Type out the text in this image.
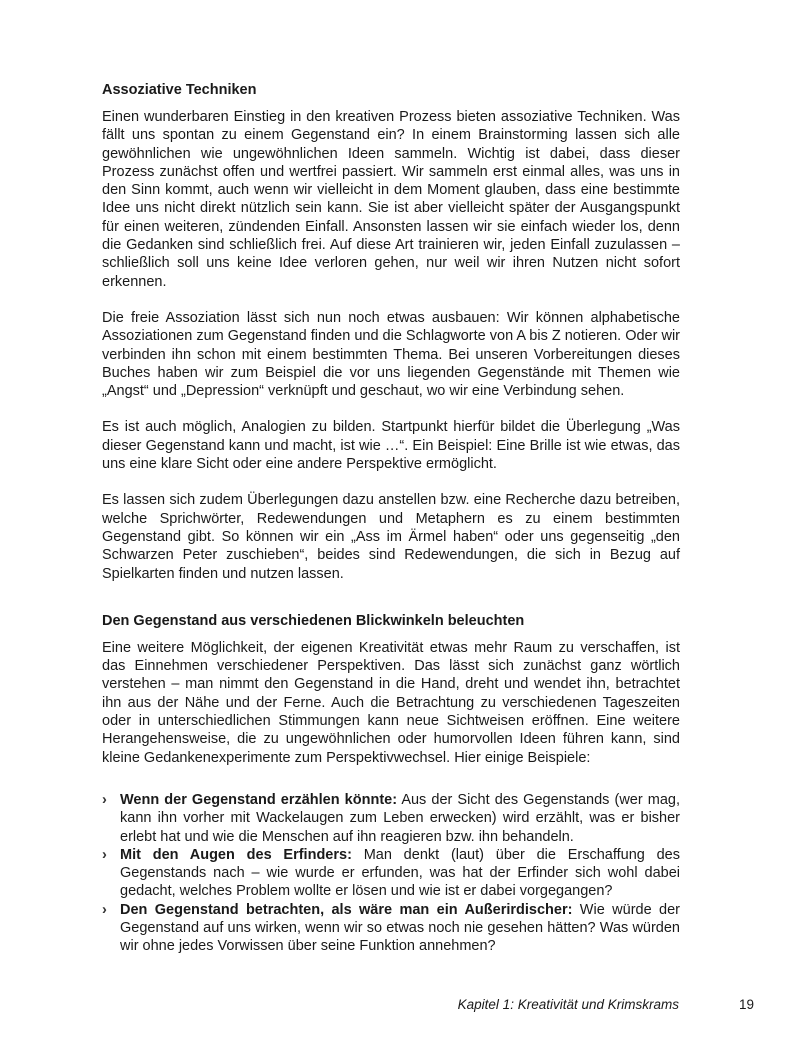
Assoziative Techniken

Einen wunderbaren Einstieg in den kreativen Prozess bieten assoziative Techniken. Was fällt uns spontan zu einem Gegenstand ein? In einem Brainstorming lassen sich alle gewöhnlichen wie ungewöhnlichen Ideen sammeln. Wichtig ist dabei, dass dieser Prozess zunächst offen und wertfrei passiert. Wir sammeln erst einmal alles, was uns in den Sinn kommt, auch wenn wir vielleicht in dem Moment glauben, dass eine bestimmte Idee uns nicht direkt nützlich sein kann. Sie ist aber vielleicht später der Ausgangspunkt für einen weiteren, zündenden Einfall. Ansonsten lassen wir sie einfach wieder los, denn die Gedanken sind schließlich frei. Auf diese Art trainieren wir, jeden Einfall zuzulassen – schließlich soll uns keine Idee verloren gehen, nur weil wir ihren Nutzen nicht sofort erkennen.

Die freie Assoziation lässt sich nun noch etwas ausbauen: Wir können alphabetische Assoziationen zum Gegenstand finden und die Schlagworte von A bis Z notieren. Oder wir verbinden ihn schon mit einem bestimmten Thema. Bei unseren Vorbereitungen dieses Buches haben wir zum Beispiel die vor uns liegenden Gegenstände mit Themen wie „Angst“ und „Depression“ verknüpft und geschaut, wo wir eine Verbindung sehen.

Es ist auch möglich, Analogien zu bilden. Startpunkt hierfür bildet die Überlegung „Was dieser Gegenstand kann und macht, ist wie …“. Ein Beispiel: Eine Brille ist wie etwas, das uns eine klare Sicht oder eine andere Perspektive ermöglicht.

Es lassen sich zudem Überlegungen dazu anstellen bzw. eine Recherche dazu betreiben, welche Sprichwörter, Redewendungen und Metaphern es zu einem bestimmten Gegenstand gibt. So können wir ein „Ass im Ärmel haben“ oder uns gegenseitig „den Schwarzen Peter zuschieben“, beides sind Redewendungen, die sich in Bezug auf Spielkarten finden und nutzen lassen.

Den Gegenstand aus verschiedenen Blickwinkeln beleuchten

Eine weitere Möglichkeit, der eigenen Kreativität etwas mehr Raum zu verschaffen, ist das Einnehmen verschiedener Perspektiven. Das lässt sich zunächst ganz wörtlich verstehen – man nimmt den Gegenstand in die Hand, dreht und wendet ihn, betrachtet ihn aus der Nähe und der Ferne. Auch die Betrachtung zu verschiedenen Tageszeiten oder in unterschiedlichen Stimmungen kann neue Sichtweisen eröffnen. Eine weitere Herangehensweise, die zu ungewöhnlichen oder humorvollen Ideen führen kann, sind kleine Gedankenexperimente zum Perspektivwechsel. Hier einige Beispiele:

› Wenn der Gegenstand erzählen könnte: Aus der Sicht des Gegenstands (wer mag, kann ihn vorher mit Wackelaugen zum Leben erwecken) wird erzählt, was er bisher erlebt hat und wie die Menschen auf ihn reagieren bzw. ihn behandeln.
› Mit den Augen des Erfinders: Man denkt (laut) über die Erschaffung des Gegenstands nach – wie wurde er erfunden, was hat der Erfinder sich wohl dabei gedacht, welches Problem wollte er lösen und wie ist er dabei vorgegangen?
› Den Gegenstand betrachten, als wäre man ein Außerirdischer: Wie würde der Gegenstand auf uns wirken, wenn wir so etwas noch nie gesehen hätten? Was würden wir ohne jedes Vorwissen über seine Funktion annehmen?
Kapitel 1: Kreativität und Krimskrams	19
